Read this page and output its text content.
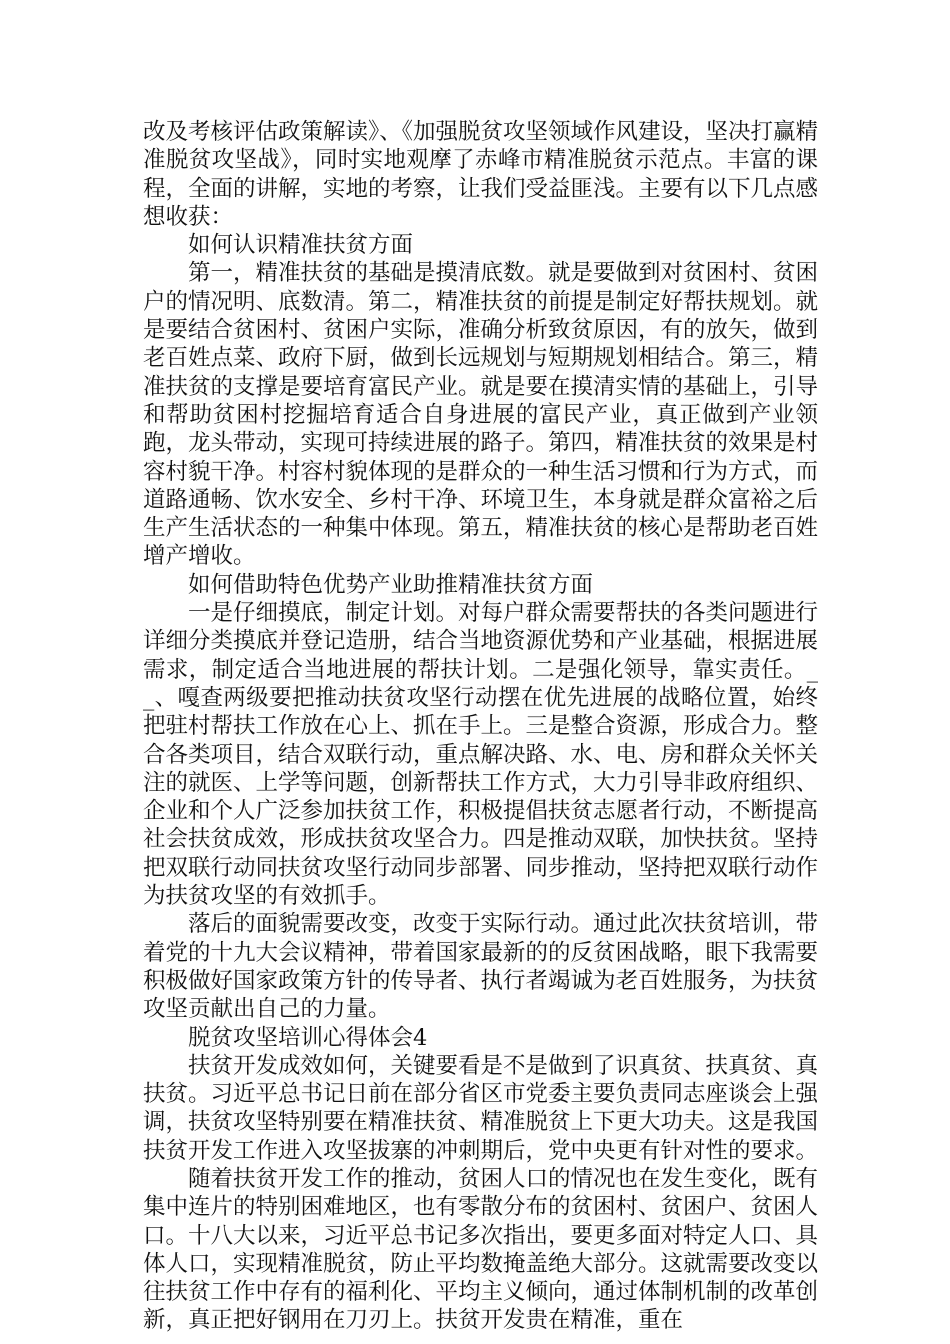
改及考核评估政策解读》、《加强脱贫攻坚领域作风建设，坚决打赢精准脱贫攻坚战》，同时实地观摩了赤峰市精准脱贫示范点。丰富的课程，全面的讲解，实地的考察，让我们受益匪浅。主要有以下几点感想收获：

如何认识精准扶贫方面

第一，精准扶贫的基础是摸清底数。就是要做到对贫困村、贫困户的情况明、底数清。第二，精准扶贫的前提是制定好帮扶规划。就是要结合贫困村、贫困户实际，准确分析致贫原因，有的放矢，做到老百姓点菜、政府下厨，做到长远规划与短期规划相结合。第三，精准扶贫的支撑是要培育富民产业。就是要在摸清实情的基础上，引导和帮助贫困村挖掘培育适合自身进展的富民产业，真正做到产业领跑，龙头带动，实现可持续进展的路子。第四，精准扶贫的效果是村容村貌干净。村容村貌体现的是群众的一种生活习惯和行为方式，而道路通畅、饮水安全、乡村干净、环境卫生，本身就是群众富裕之后生产生活状态的一种集中体现。第五，精准扶贫的核心是帮助老百姓增产增收。

如何借助特色优势产业助推精准扶贫方面

一是仔细摸底，制定计划。对每户群众需要帮扶的各类问题进行详细分类摸底并登记造册，结合当地资源优势和产业基础，根据进展需求，制定适合当地进展的帮扶计划。二是强化领导，靠实责任。__、嘎查两级要把推动扶贫攻坚行动摆在优先进展的战略位置，始终把驻村帮扶工作放在心上、抓在手上。三是整合资源，形成合力。整合各类项目，结合双联行动，重点解决路、水、电、房和群众关怀关注的就医、上学等问题，创新帮扶工作方式，大力引导非政府组织、企业和个人广泛参加扶贫工作，积极提倡扶贫志愿者行动，不断提高社会扶贫成效，形成扶贫攻坚合力。四是推动双联，加快扶贫。坚持把双联行动同扶贫攻坚行动同步部署、同步推动，坚持把双联行动作为扶贫攻坚的有效抓手。

落后的面貌需要改变，改变于实际行动。通过此次扶贫培训，带着党的十九大会议精神，带着国家最新的的反贫困战略，眼下我需要积极做好国家政策方针的传导者、执行者竭诚为老百姓服务，为扶贫攻坚贡献出自己的力量。

脱贫攻坚培训心得体会4

扶贫开发成效如何，关键要看是不是做到了识真贫、扶真贫、真扶贫。习近平总书记日前在部分省区市党委主要负责同志座谈会上强调，扶贫攻坚特别要在精准扶贫、精准脱贫上下更大功夫。这是我国扶贫开发工作进入攻坚拔寨的冲刺期后，党中央更有针对性的要求。

随着扶贫开发工作的推动，贫困人口的情况也在发生变化，既有集中连片的特别困难地区，也有零散分布的贫困村、贫困户、贫困人口。十八大以来，习近平总书记多次指出，要更多面对特定人口、具体人口，实现精准脱贫，防止平均数掩盖绝大部分。这就需要改变以往扶贫工作中存有的福利化、平均主义倾向，通过体制机制的改革创新，真正把好钢用在刀刃上。扶贫开发贵在精准，重在
